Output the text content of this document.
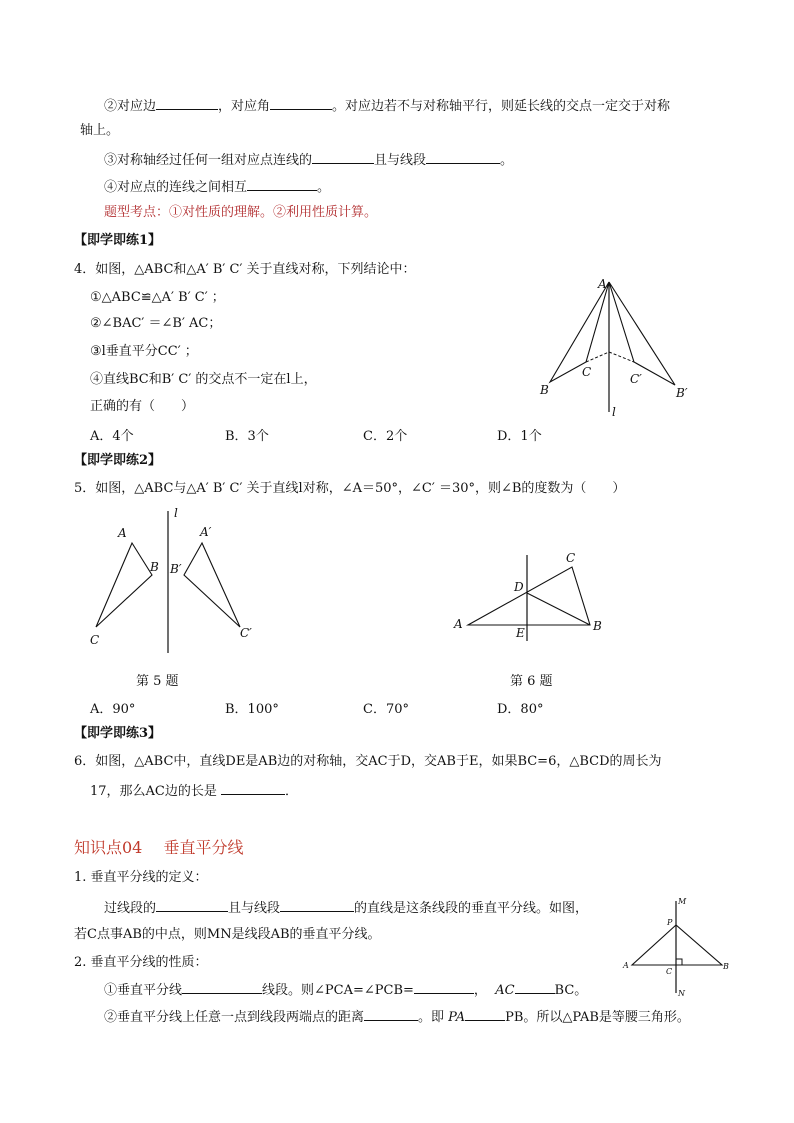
②对应边	，对应角	。对应边若不与对称轴平行，则延长线的交点一定交于对称
轴上。
③对称轴经过任何一组对应点连线的	且与线段	。
④对应点的连线之间相互	。
题型考点：①对性质的理解。②利用性质计算。
【即学即练1】
4．如图，△ABC和△A′ B′ C′ 关于直线对称，下列结论中：
①△ABC≌△A′ B′ C′ ；
②∠BAC′ ＝∠B′ AC；
③l垂直平分CC′ ；
④直线BC和B′ C′ 的交点不一定在l上，
正确的有（　　）
A．4个	B．3个	C．2个	D．1个
A
B
C	C′
B′
l
【即学即练2】
5．如图，△ABC与△A′ B′ C′ 关于直线l对称，∠A＝50°，∠C′ ＝30°，则∠B的度数为（　　）
l
A
B
C
A′
B′
C′
C
D
A
E	B
第 5 题	第 6 题
A．90°	B．100°	C．70°	D．80°
【即学即练3】
6．如图，△ABC中，直线DE是AB边的对称轴，交AC于D，交AB于E，如果BC=6，△BCD的周长为
17，那么AC边的长是	．
知识点04　 垂直平分线
1. 垂直平分线的定义：
过线段的	且与线段	的直线是这条线段的垂直平分线。如图，
若C点事AB的中点，则MN是线段AB的垂直平分线。
2. 垂直平分线的性质：
①垂直平分线	线段。则∠PCA=∠PCB=	， AC	BC。
②垂直平分线上任意一点到线段两端点的距离	。即 PA	PB。所以△PAB是等腰三角形。
M
P
A
C
B
N
